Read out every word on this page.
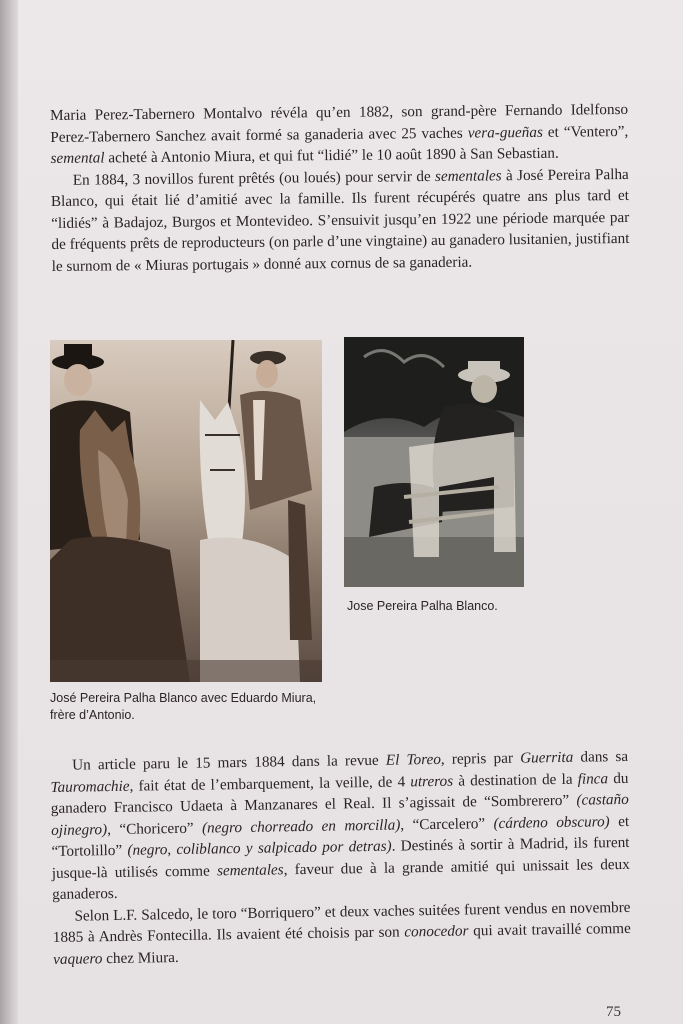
Maria Perez-Tabernero Montalvo révéla qu’en 1882, son grand-père Fernando Idelfonso Perez-Tabernero Sanchez avait formé sa ganaderia avec 25 vaches vera-gueñas et “Ventero”, semental acheté à Antonio Miura, et qui fut “lidié” le 10 août 1890 à San Sebastian.

En 1884, 3 novillos furent prêtés (ou loués) pour servir de sementales à José Pereira Palha Blanco, qui était lié d’amitié avec la famille. Ils furent récupérés quatre ans plus tard et “lidiés” à Badajoz, Burgos et Montevideo. S’ensuivit jusqu’en 1922 une période marquée par de fréquents prêts de reproducteurs (on parle d’une vingtaine) au ganadero lusitanien, justifiant le surnom de « Miuras portugais » donné aux cornus de sa ganaderia.

José Pereira Palha Blanco avec Eduardo Miura, frère d’Antonio.
Jose Pereira Palha Blanco.

Un article paru le 15 mars 1884 dans la revue El Toreo, repris par Guerrita dans sa Tauromachie, fait état de l’embarquement, la veille, de 4 utreros à destination de la finca du ganadero Francisco Udaeta à Manzanares el Real. Il s’agissait de “Sombrerero” (castaño ojinegro), “Choricero” (negro chorreado en morcilla), “Carcelero” (cárdeno obscuro) et “Tortolillo” (negro, coliblanco y salpicado por detras). Destinés à sortir à Madrid, ils furent jusque-là utilisés comme sementales, faveur due à la grande amitié qui unissait les deux ganaderos.

Selon L.F. Salcedo, le toro “Borriquero” et deux vaches suitées furent vendus en novembre 1885 à Andrès Fontecilla. Ils avaient été choisis par son conocedor qui avait travaillé comme vaquero chez Miura.

75
